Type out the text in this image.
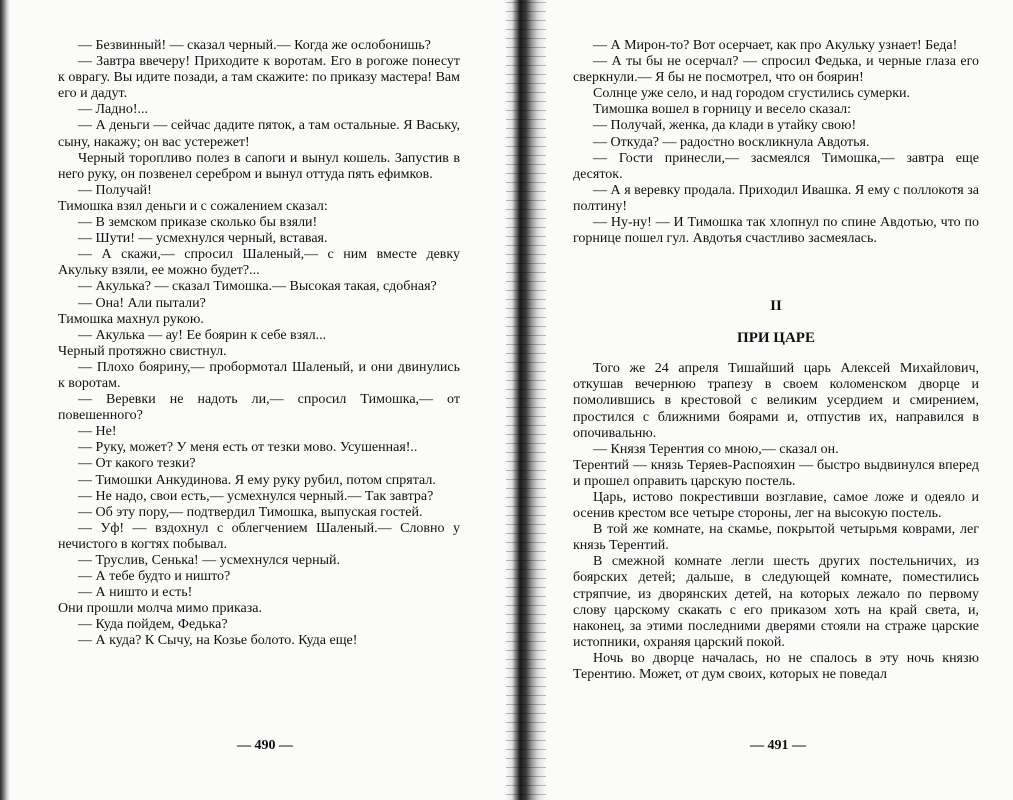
— Безвинный! — сказал черный.— Когда же ослобонишь?

— Завтра ввечеру! Приходите к воротам. Его в рогоже понесут к оврагу. Вы идите позади, а там скажите: по приказу мастера! Вам его и дадут.

— Ладно!...

— А деньги — сейчас дадите пяток, а там остальные. Я Ваську, сыну, накажу; он вас устережет!

Черный торопливо полез в сапоги и вынул кошель. Запустив в него руку, он позвенел серебром и вынул оттуда пять ефимков.

— Получай!

Тимошка взял деньги и с сожалением сказал:

— В земском приказе сколько бы взяли!

— Шути! — усмехнулся черный, вставая.

— А скажи,— спросил Шаленый,— с ним вместе девку Акульку взяли, ее можно будет?...

— Акулька? — сказал Тимошка.— Высокая такая, сдобная?

— Она! Али пытали?

Тимошка махнул рукою.

— Акулька — ау! Ее боярин к себе взял...

Черный протяжно свистнул.

— Плохо боярину,— пробормотал Шаленый, и они двинулись к воротам.

— Веревки не надоть ли,— спросил Тимошка,— от повешенного?

— Не!

— Руку, может? У меня есть от тезки мово. Усушенная!..

— От какого тезки?

— Тимошки Анкудинова. Я ему руку рубил, потом спрятал.

— Не надо, свои есть,— усмехнулся черный.— Так завтра?

— Об эту пору,— подтвердил Тимошка, выпуская гостей.

— Уф! — вздохнул с облегчением Шаленый.— Словно у нечистого в когтях побывал.

— Труслив, Сенька! — усмехнулся черный.

— А тебе будто и ништо?

— А ништо и есть!

Они прошли молча мимо приказа.

— Куда пойдем, Федька?

— А куда? К Сычу, на Козье болото. Куда еще!

— 490 —

— А Мирон-то? Вот осерчает, как про Акульку узнает! Беда!

— А ты бы не осерчал? — спросил Федька, и черные глаза его сверкнули.— Я бы не посмотрел, что он боярин!

Солнце уже село, и над городом сгустились сумерки.

Тимошка вошел в горницу и весело сказал:

— Получай, женка, да клади в утайку свою!

— Откуда? — радостно воскликнула Авдотья.

— Гости принесли,— засмеялся Тимошка,— завтра еще десяток.

— А я веревку продала. Приходил Ивашка. Я ему с поллокотя за полтину!

— Ну-ну! — И Тимошка так хлопнул по спине Авдотью, что по горнице пошел гул. Авдотья счастливо засмеялась.

II
ПРИ ЦАРЕ

Того же 24 апреля Тишайший царь Алексей Михайлович, откушав вечернюю трапезу в своем коломенском дворце и помолившись в крестовой с великим усердием и смирением, простился с ближними боярами и, отпустив их, направился в опочивальню.

— Князя Терентия со мною,— сказал он.

Терентий — князь Теряев-Распояхин — быстро выдвинулся вперед и прошел оправить царскую постель.

Царь, истово покрестивши возглавие, самое ложе и одеяло и осенив крестом все четыре стороны, лег на высокую постель.

В той же комнате, на скамье, покрытой четырьмя коврами, лег князь Терентий.

В смежной комнате легли шесть других постельничих, из боярских детей; дальше, в следующей комнате, поместились стряпчие, из дворянских детей, на которых лежало по первому слову царскому скакать с его приказом хоть на край света, и, наконец, за этими последними дверями стояли на страже царские истопники, охраняя царский покой.

Ночь во дворце началась, но не спалось в эту ночь князю Терентию. Может, от дум своих, которых не поведал

— 491 —
